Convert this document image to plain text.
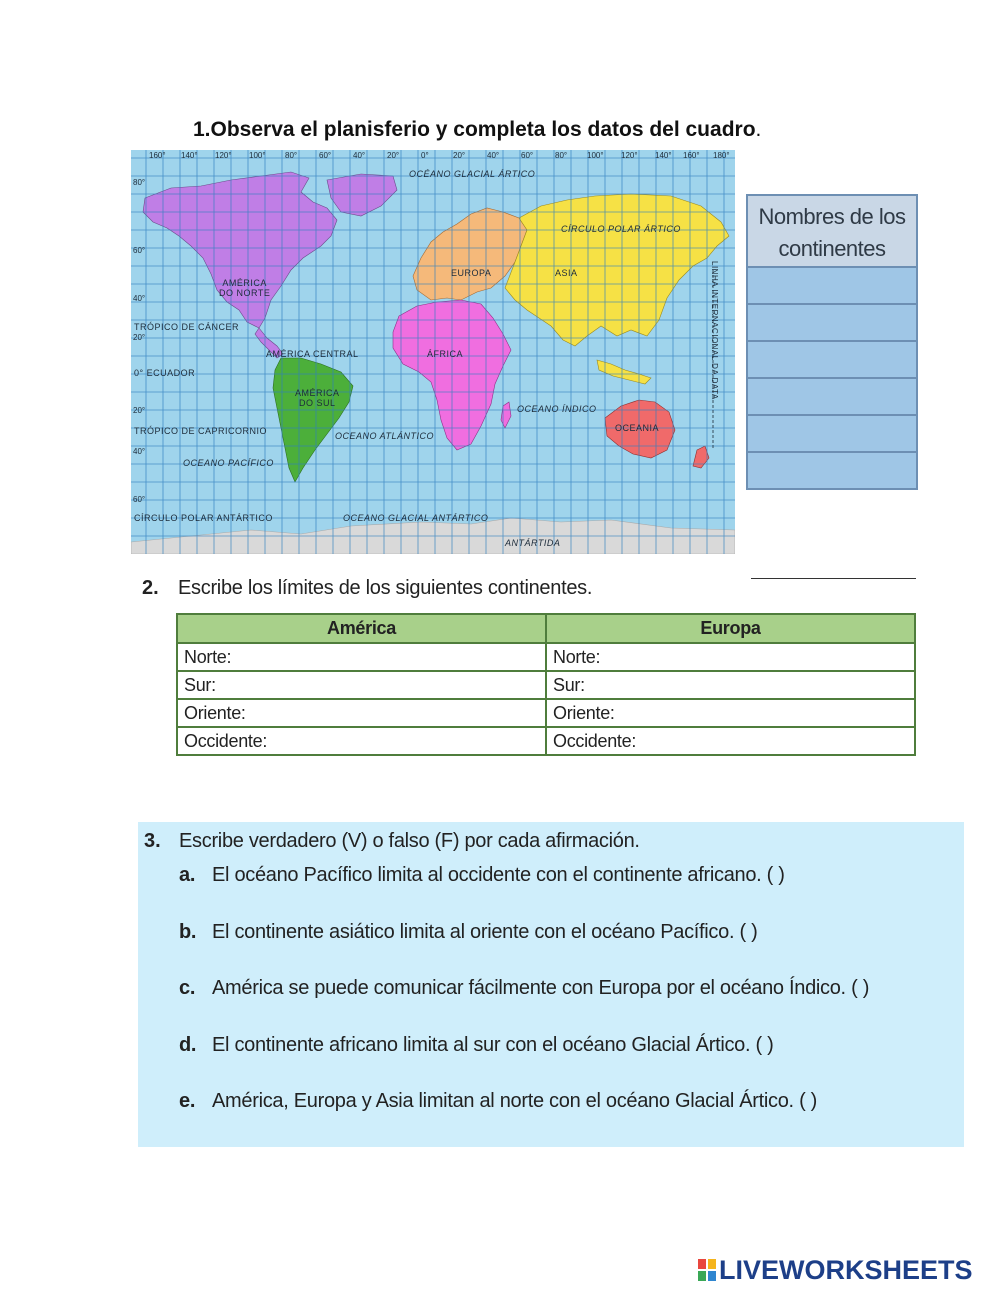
1.Observa el planisferio y completa los datos del cuadro.
160° 140° 120° 100° 80°	60°	40°	20°	0°	20°	40°	60°	80° 100° 120° 140° 160° 180°
80°
60°
40°
20°
20°
40°
60°
OCÉANO GLACIAL ÁRTICO
CÍRCULO POLAR ÁRTICO
EUROPA	ASIA
AMÉRICA
DO NORTE
TRÓPICO DE CÁNCER
AMÉRICA CENTRAL	ÁFRICA
0° ECUADOR
AMÉRICA
DO SUL
OCEANO ÍNDICO
TRÓPICO DE CAPRICORNIO	OCEANO ATLÁNTICO
OCEANIA
OCEANO PACÍFICO
CÍRCULO POLAR ANTÁRTICO	OCEANO GLACIAL ANTÁRTICO
ANTÁRTIDA
LINHA INTERNACIONAL DA DATA
Nombres de los continentes
2. Escribe los límites de los siguientes continentes.
América	Europa
Norte:	Norte:
Sur:	Sur:
Oriente:	Oriente:
Occidente:	Occidente:
3. Escribe verdadero (V) o falso (F) por cada afirmación.
a. El océano Pacífico limita al occidente con el continente africano. ( )
b. El continente asiático limita al oriente con el océano Pacífico. ( )
c. América se puede comunicar fácilmente con Europa por el océano Índico. ( )
d. El continente africano limita al sur con el océano Glacial Ártico. ( )
e. América, Europa y Asia limitan al norte con el océano Glacial Ártico. ( )
LIVEWORKSHEETS
